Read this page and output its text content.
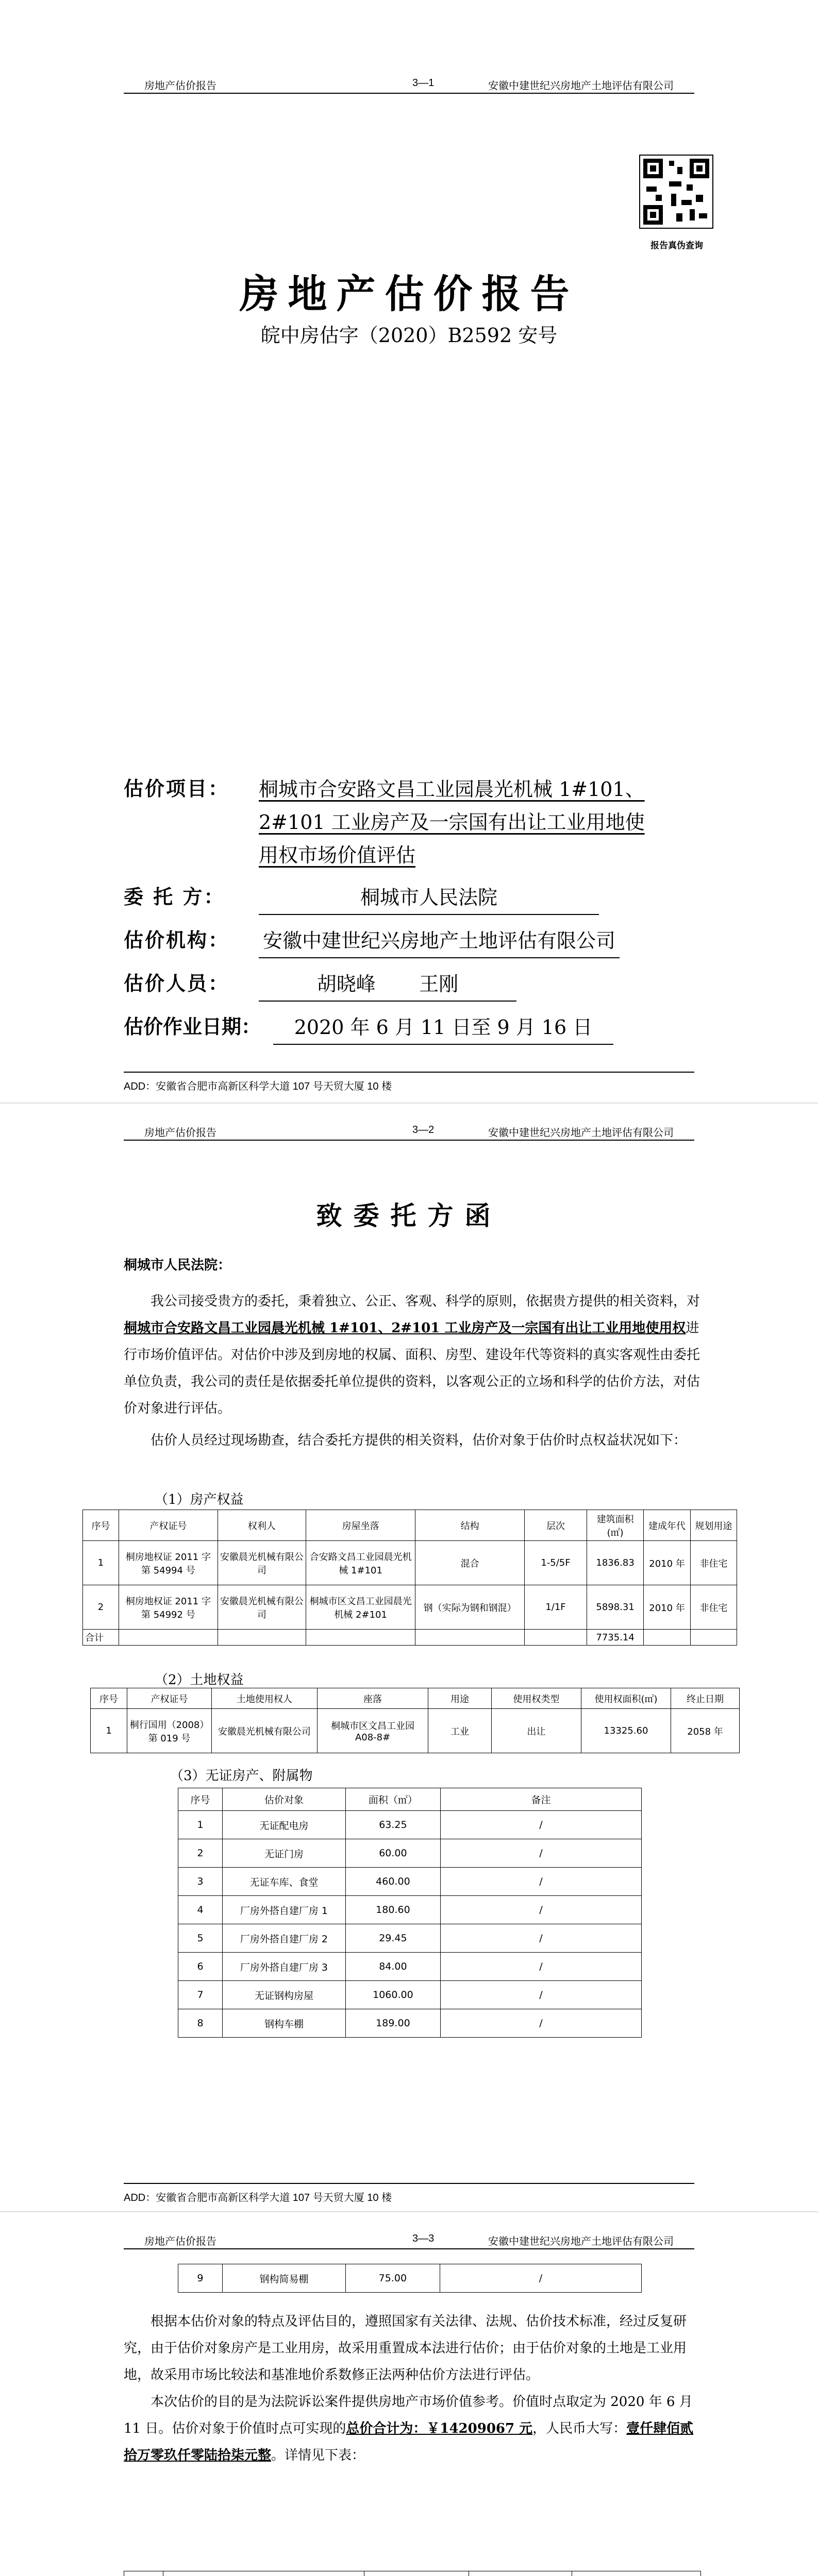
房地产估价报告	3—1	安徽中建世纪兴房地产土地评估有限公司
报告真伪查询
房地产估价报告
皖中房估字（2020）B2592 安号
估价项目：	桐城市合安路文昌工业园晨光机械 1#101、
2#101 工业房产及一宗国有出让工业用地使
用权市场价值评估
委 托 方：	桐城市人民法院
估价机构：	安徽中建世纪兴房地产土地评估有限公司
估价人员：	胡晓峰       王刚
估价作业日期：	2020 年 6 月 11 日至 9 月 16 日
ADD：安徽省合肥市高新区科学大道 107 号天贸大厦 10 楼
房地产估价报告	3—2	安徽中建世纪兴房地产土地评估有限公司
ADD：安徽省合肥市高新区科学大道 107 号天贸大厦 10 楼
致委托方函
桐城市人民法院：
我公司接受贵方的委托，秉着独立、公正、客观、科学的原则，依据贵方提供的相关资料，对桐城市合安路文昌工业园晨光机械 1#101、2#101 工业房产及一宗国有出让工业用地使用权进行市场价值评估。对估价中涉及到房地的权属、面积、房型、建设年代等资料的真实客观性由委托单位负责，我公司的责任是依据委托单位提供的资料，以客观公正的立场和科学的估价方法，对估价对象进行评估。
估价人员经过现场勘查，结合委托方提供的相关资料，估价对象于估价时点权益状况如下：
（1）房产权益
序号	产权证号	权利人	房屋坐落	结构	层次	建筑面积(㎡)	建成年代	规划用途
1	桐房地权证 2011 字第 54994 号	安徽晨光机械有限公司	合安路文昌工业园晨光机械 1#101	混合	1-5/5F	1836.83	2010 年	非住宅
2	桐房地权证 2011 字第 54992 号	安徽晨光机械有限公司	桐城市区文昌工业园晨光机械 2#101	钢（实际为钢和钢混）	1/1F	5898.31	2010 年	非住宅
合计						7735.14		
（2）土地权益
序号	产权证号	土地使用权人	座落	用途	使用权类型	使用权面积(㎡)	终止日期
1	桐行国用（2008）第 019 号	安徽晨光机械有限公司	桐城市区文昌工业园 A08-8#	工业	出让	13325.60	2058 年
（3）无证房产、附属物
序号	估价对象	面积（㎡）	备注
1	无证配电房	63.25	/
2	无证门房	60.00	/
3	无证车库、食堂	460.00	/
4	厂房外搭自建厂房 1	180.60	/
5	厂房外搭自建厂房 2	29.45	/
6	厂房外搭自建厂房 3	84.00	/
7	无证钢构房屋	1060.00	/
8	钢构车棚	189.00	/
房地产估价报告	3—3	安徽中建世纪兴房地产土地评估有限公司
9	钢构简易棚	75.00	/
根据本估价对象的特点及评估目的，遵照国家有关法律、法规、估价技术标准，经过反复研究，由于估价对象房产是工业用房，故采用重置成本法进行估价；由于估价对象的土地是工业用地，故采用市场比较法和基准地价系数修正法两种估价方法进行评估。
本次估价的目的是为法院诉讼案件提供房地产市场价值参考。价值时点取定为 2020 年 6 月 11 日。估价对象于价值时点可实现的总价合计为：￥14209067 元，人民币大写：壹仟肆佰贰拾万零玖仟零陆拾柒元整。详情见下表：
